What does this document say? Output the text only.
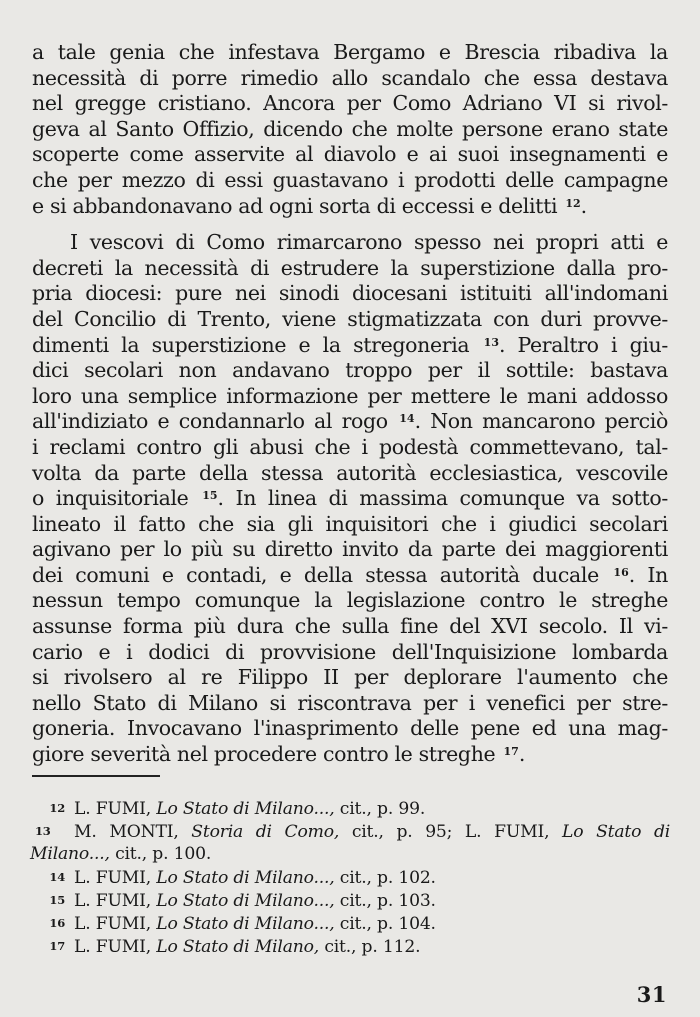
a tale genia che infestava Bergamo e Brescia ribadiva la
necessità di porre rimedio allo scandalo che essa destava
nel gregge cristiano. Ancora per Como Adriano VI si rivol-
geva al Santo Offizio, dicendo che molte persone erano state
scoperte come asservite al diavolo e ai suoi insegnamenti e
che per mezzo di essi guastavano i prodotti delle campagne
e si abbandonavano ad ogni sorta di eccessi e delitti $^{12}$.
I vescovi di Como rimarcarono spesso nei propri atti e
decreti la necessità di estrudere la superstizione dalla pro-
pria diocesi: pure nei sinodi diocesani istituiti all'indomani
del Concilio di Trento, viene stigmatizzata con duri provve-
dimenti la superstizione e la stregoneria $^{13}$. Peraltro i giu-
dici secolari non andavano troppo per il sottile: bastava
loro una semplice informazione per mettere le mani addosso
all'indiziato e condannarlo al rogo $^{14}$. Non mancarono perciò
i reclami contro gli abusi che i podestà commettevano, tal-
volta da parte della stessa autorità ecclesiastica, vescovile
o inquisitoriale $^{15}$. In linea di massima comunque va sotto-
lineato il fatto che sia gli inquisitori che i giudici secolari
agivano per lo più su diretto invito da parte dei maggiorenti
dei comuni e contadi, e della stessa autorità ducale $^{16}$. In
nessun tempo comunque la legislazione contro le streghe
assunse forma più dura che sulla fine del XVI secolo. Il vi-
cario e i dodici di provvisione dell'Inquisizione lombarda
si rivolsero al re Filippo II per deplorare l'aumento che
nello Stato di Milano si riscontrava per i venefici per stre-
goneria. Invocavano l'inasprimento delle pene ed una mag-
giore severità nel procedere contro le streghe $^{17}$.
12 L. FUMI, Lo Stato di Milano..., cit., p. 99.
13 M. MONTI, Storia di Como, cit., p. 95; L. FUMI, Lo Stato di
Milano..., cit., p. 100.
14 L. FUMI, Lo Stato di Milano..., cit., p. 102.
15 L. FUMI, Lo Stato di Milano..., cit., p. 103.
16 L. FUMI, Lo Stato di Milano..., cit., p. 104.
17 L. FUMI, Lo Stato di Milano, cit., p. 112.
31
